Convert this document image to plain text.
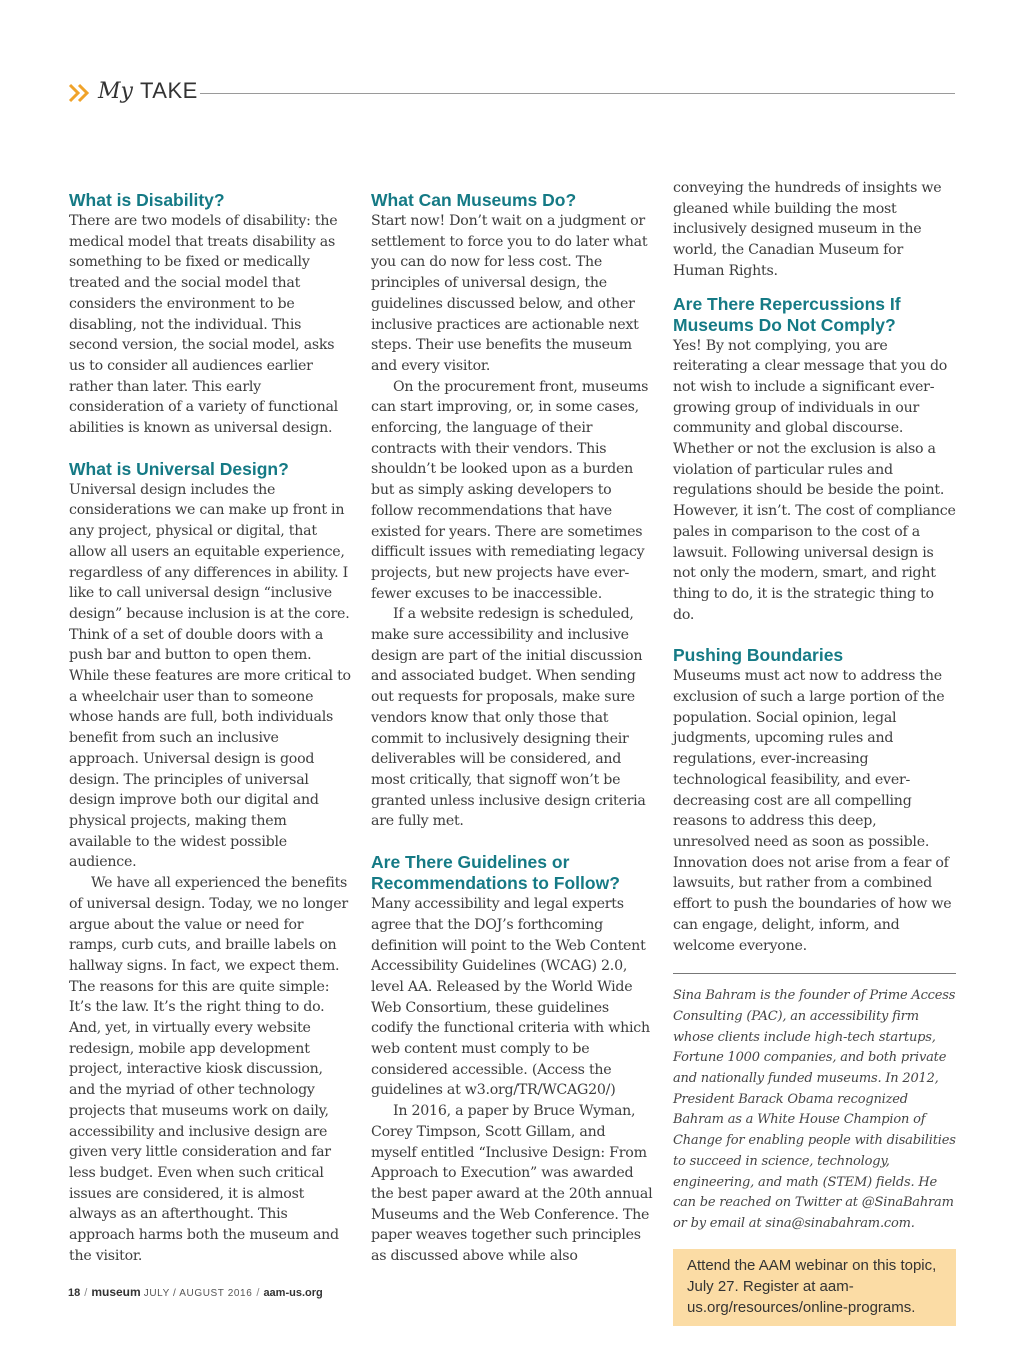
My TAKE
What is Disability?

There are two models of disability: the medical model that treats disability as something to be fixed or medically treated and the social model that considers the environment to be disabling, not the individual. This second version, the social model, asks us to consider all audiences earlier rather than later. This early consideration of a variety of functional abilities is known as universal design.

What is Universal Design?

Universal design includes the considerations we can make up front in any project, physical or digital, that allow all users an equitable experience, regardless of any differences in ability. I like to call universal design “inclusive design” because inclusion is at the core. Think of a set of double doors with a push bar and button to open them. While these features are more critical to a wheelchair user than to someone whose hands are full, both individuals benefit from such an inclusive approach. Universal design is good design. The principles of universal design improve both our digital and physical projects, making them available to the widest possible audience.

We have all experienced the benefits of universal design. Today, we no longer argue about the value or need for ramps, curb cuts, and braille labels on hallway signs. In fact, we expect them. The reasons for this are quite simple: It’s the law. It’s the right thing to do. And, yet, in virtually every website redesign, mobile app development project, interactive kiosk discussion, and the myriad of other technology projects that museums work on daily, accessibility and inclusive design are given very little consideration and far less budget. Even when such critical issues are considered, it is almost always as an afterthought. This approach harms both the museum and the visitor.

What Can Museums Do?

Start now! Don’t wait on a judgment or settlement to force you to do later what you can do now for less cost. The principles of universal design, the guidelines discussed below, and other inclusive practices are actionable next steps. Their use benefits the museum and every visitor.

On the procurement front, museums can start improving, or, in some cases, enforcing, the language of their contracts with their vendors. This shouldn’t be looked upon as a burden but as simply asking developers to follow recommendations that have existed for years. There are sometimes difficult issues with remediating legacy projects, but new projects have ever-fewer excuses to be inaccessible.

If a website redesign is scheduled, make sure accessibility and inclusive design are part of the initial discussion and associated budget. When sending out requests for proposals, make sure vendors know that only those that commit to inclusively designing their deliverables will be considered, and most critically, that signoff won’t be granted unless inclusive design criteria are fully met.

Are There Guidelines or Recommendations to Follow?

Many accessibility and legal experts agree that the DOJ’s forthcoming definition will point to the Web Content Accessibility Guidelines (WCAG) 2.0, level AA. Released by the World Wide Web Consortium, these guidelines codify the functional criteria with which web content must comply to be considered accessible. (Access the guidelines at w3.org/TR/WCAG20/)

In 2016, a paper by Bruce Wyman, Corey Timpson, Scott Gillam, and myself entitled “Inclusive Design: From Approach to Execution” was awarded the best paper award at the 20th annual Museums and the Web Conference. The paper weaves together such principles as discussed above while also

conveying the hundreds of insights we gleaned while building the most inclusively designed museum in the world, the Canadian Museum for Human Rights.

Are There Repercussions If Museums Do Not Comply?

Yes! By not complying, you are reiterating a clear message that you do not wish to include a significant ever-growing group of individuals in our community and global discourse. Whether or not the exclusion is also a violation of particular rules and regulations should be beside the point. However, it isn’t. The cost of compliance pales in comparison to the cost of a lawsuit. Following universal design is not only the modern, smart, and right thing to do, it is the strategic thing to do.

Pushing Boundaries

Museums must act now to address the exclusion of such a large portion of the population. Social opinion, legal judgments, upcoming rules and regulations, ever-increasing technological feasibility, and ever-decreasing cost are all compelling reasons to address this deep, unresolved need as soon as possible. Innovation does not arise from a fear of lawsuits, but rather from a combined effort to push the boundaries of how we can engage, delight, inform, and welcome everyone.

Sina Bahram is the founder of Prime Access Consulting (PAC), an accessibility firm whose clients include high-tech startups, Fortune 1000 companies, and both private and nationally funded museums. In 2012, President Barack Obama recognized Bahram as a White House Champion of Change for enabling people with disabilities to succeed in science, technology, engineering, and math (STEM) fields. He can be reached on Twitter at @SinaBahram or by email at sina@sinabahram.com.

Attend the AAM webinar on this topic, July 27. Register at aam-us.org/resources/online-programs.
18 / museum JULY / AUGUST 2016 / aam-us.org
